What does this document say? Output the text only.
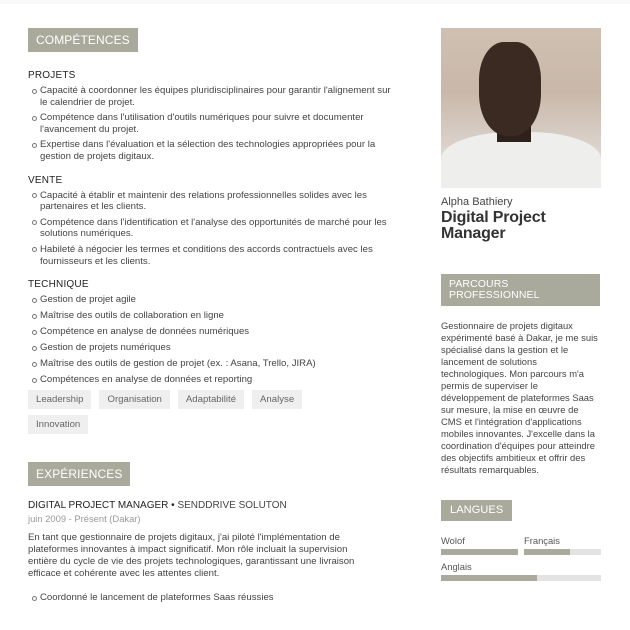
COMPÉTENCES
PROJETS
Capacité à coordonner les équipes pluridisciplinaires pour garantir l'alignement sur le calendrier de projet.
Compétence dans l'utilisation d'outils numériques pour suivre et documenter l'avancement du projet.
Expertise dans l'évaluation et la sélection des technologies appropriées pour la gestion de projets digitaux.
VENTE
Capacité à établir et maintenir des relations professionnelles solides avec les partenaires et les clients.
Compétence dans l'identification et l'analyse des opportunités de marché pour les solutions numériques.
Habileté à négocier les termes et conditions des accords contractuels avec les fournisseurs et les clients.
TECHNIQUE
Gestion de projet agile
Maîtrise des outils de collaboration en ligne
Compétence en analyse de données numériques
Gestion de projets numériques
Maîtrise des outils de gestion de projet (ex. : Asana, Trello, JIRA)
Compétences en analyse de données et reporting
Leadership	Organisation	Adaptabilité	Analyse
Innovation
EXPÉRIENCES
DIGITAL PROJECT MANAGER • SENDDRIVE SOLUTON
juin 2009 - Présent (Dakar)
En tant que gestionnaire de projets digitaux, j'ai piloté l'implémentation de plateformes innovantes à impact significatif. Mon rôle incluait la supervision entière du cycle de vie des projets technologiques, garantissant une livraison efficace et cohérente avec les attentes client.
Coordonné le lancement de plateformes Saas réussies
Alpha Bathiery
Digital Project Manager
PARCOURS PROFESSIONNEL
Gestionnaire de projets digitaux expérimenté basé à Dakar, je me suis spécialisé dans la gestion et le lancement de solutions technologiques. Mon parcours m'a permis de superviser le développement de plateformes Saas sur mesure, la mise en œuvre de CMS et l'intégration d'applications mobiles innovantes. J'excelle dans la coordination d'équipes pour atteindre des objectifs ambitieux et offrir des résultats remarquables.
LANGUES
Wolof	Français
Anglais
